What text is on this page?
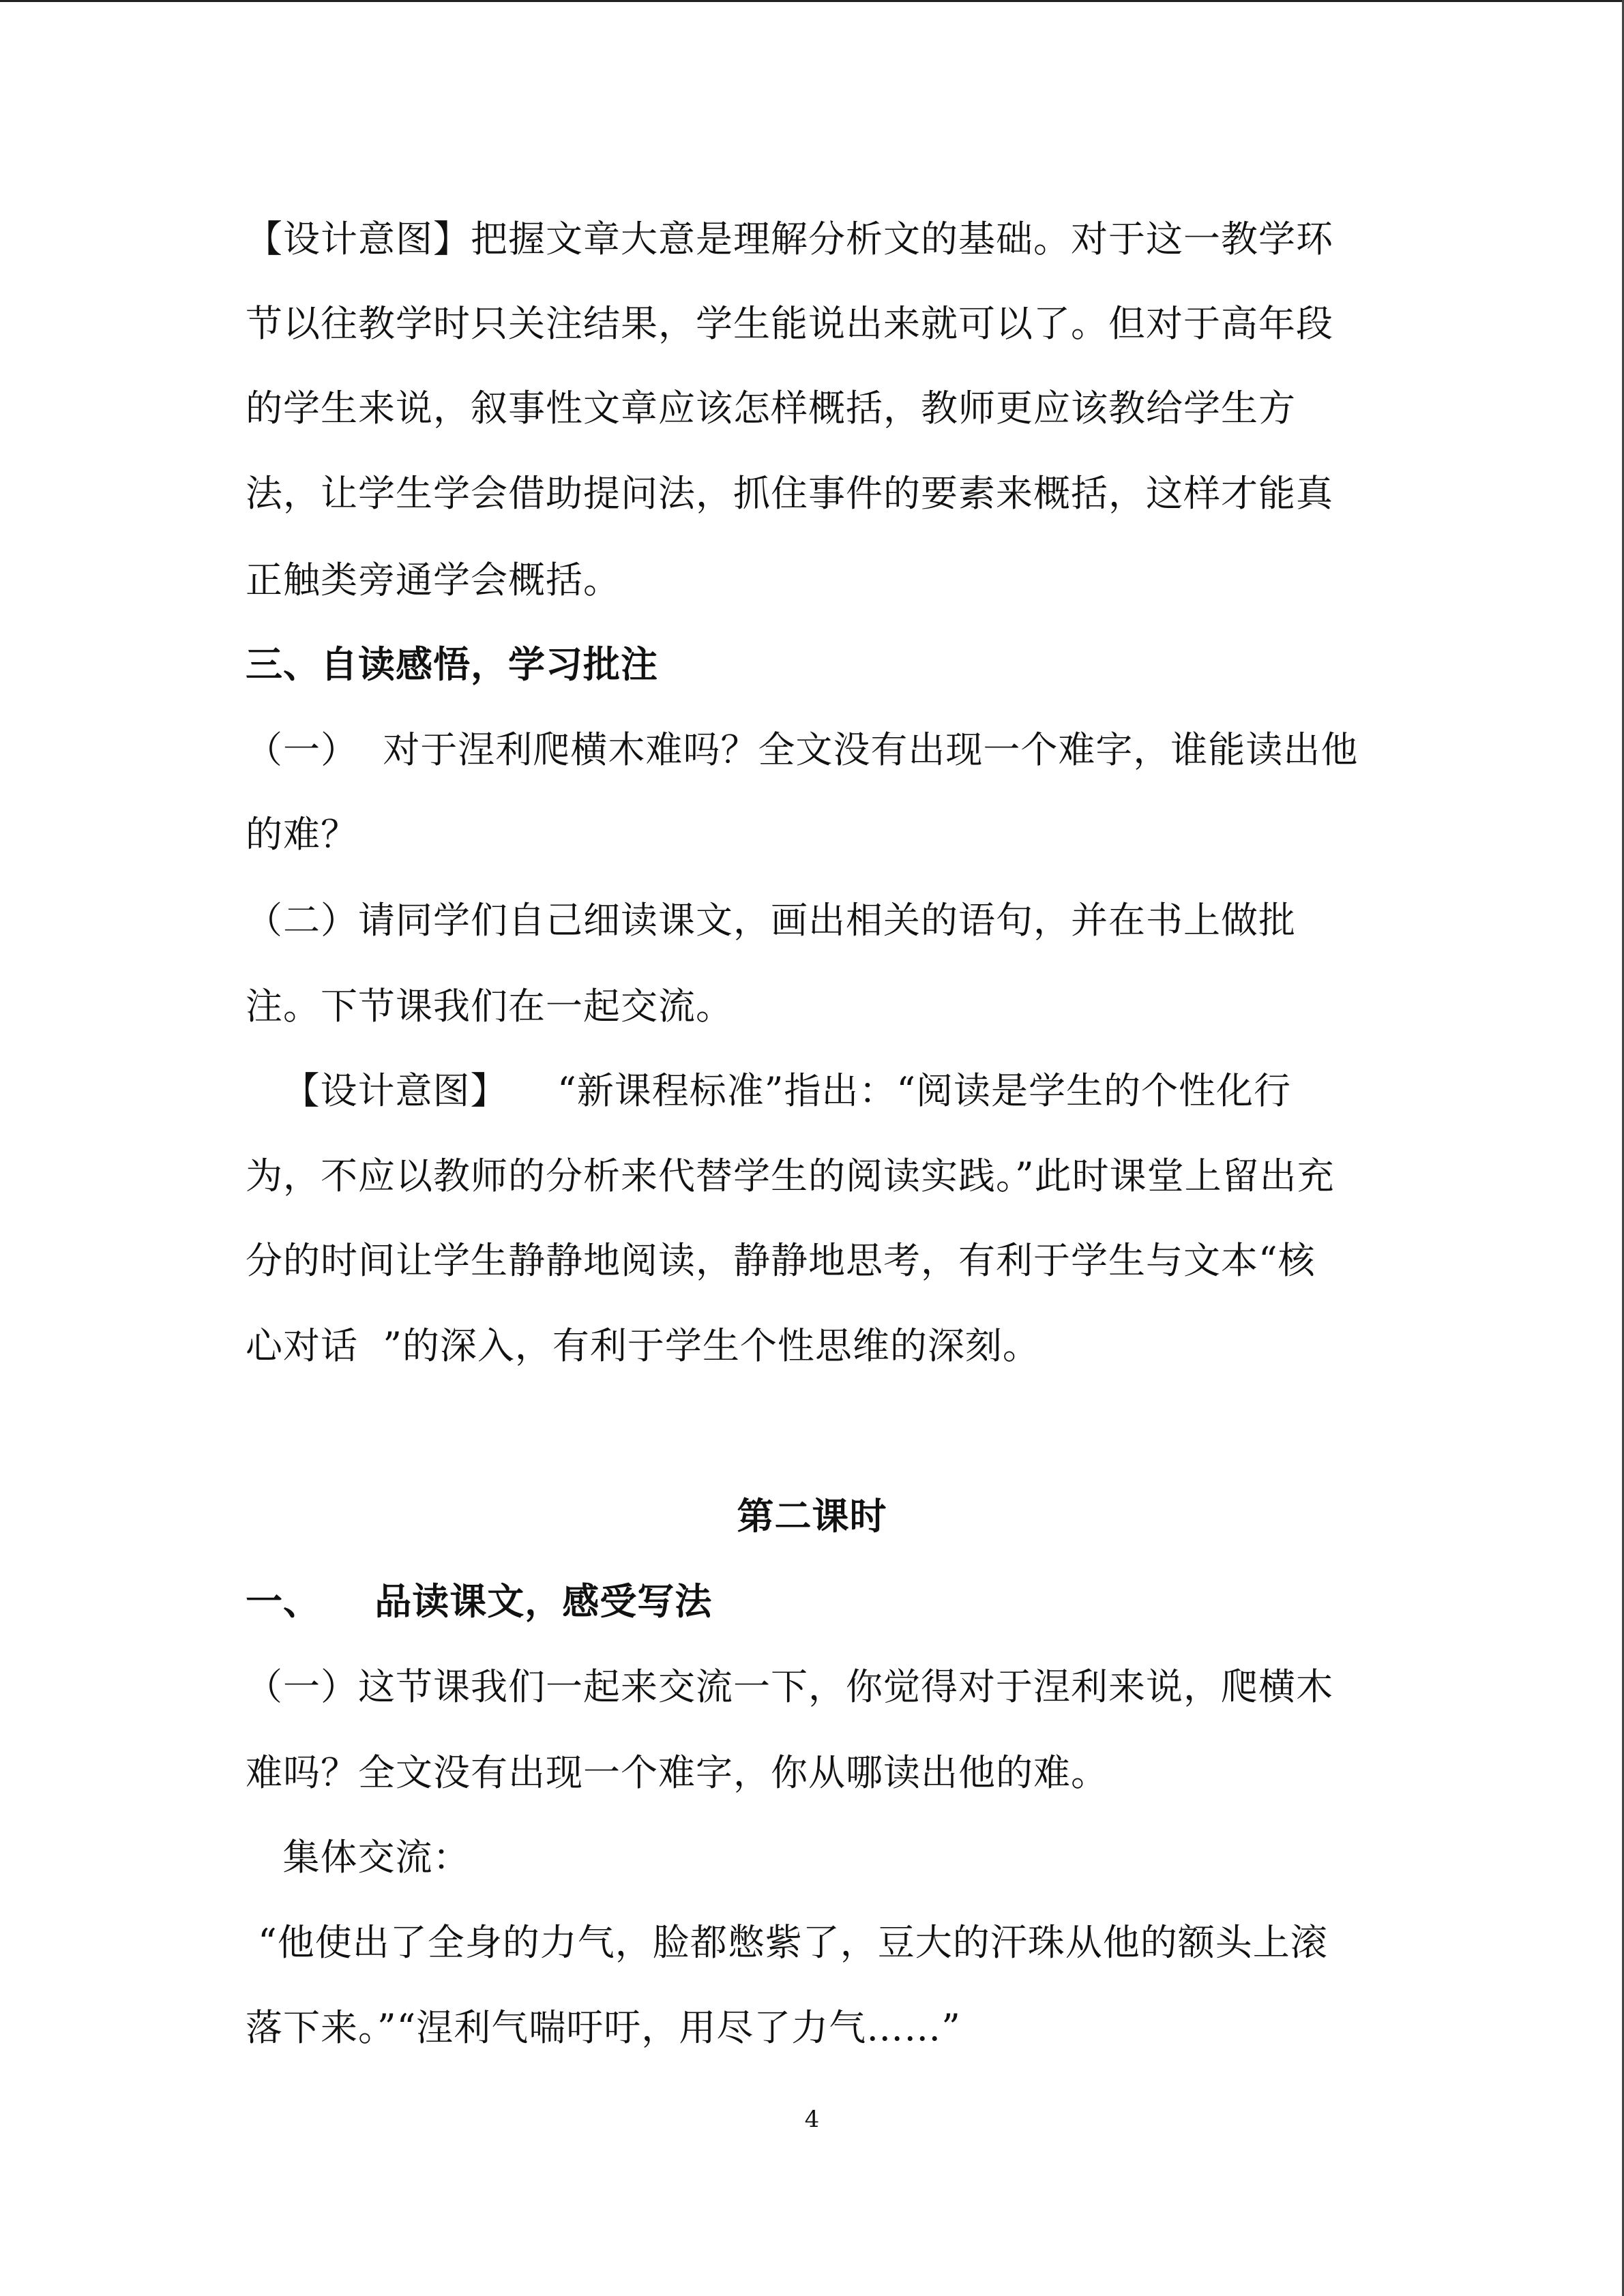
【设计意图】把握文章大意是理解分析文的基础。对于这一教学环
节以往教学时只关注结果，学生能说出来就可以了。但对于高年段
的学生来说，叙事性文章应该怎样概括，教师更应该教给学生方
法，让学生学会借助提问法，抓住事件的要素来概括，这样才能真
正触类旁通学会概括。
三、自读感悟，学习批注
（一）  对于涅利爬横木难吗？全文没有出现一个难字，谁能读出他
的难？
（二）请同学们自己细读课文，画出相关的语句，并在书上做批
注。下节课我们在一起交流。
【设计意图】    “新课程标准”指出：“阅读是学生的个性化行
为，不应以教师的分析来代替学生的阅读实践。”此时课堂上留出充
分的时间让学生静静地阅读，静静地思考，有利于学生与文本“核
心对话  ”的深入，有利于学生个性思维的深刻。
第二课时
一、    品读课文，感受写法
（一）这节课我们一起来交流一下，你觉得对于涅利来说，爬横木
难吗？全文没有出现一个难字，你从哪读出他的难。
集体交流：
“他使出了全身的力气，脸都憋紫了，豆大的汗珠从他的额头上滚
落下来。”“涅利气喘吁吁，用尽了力气……”
4
